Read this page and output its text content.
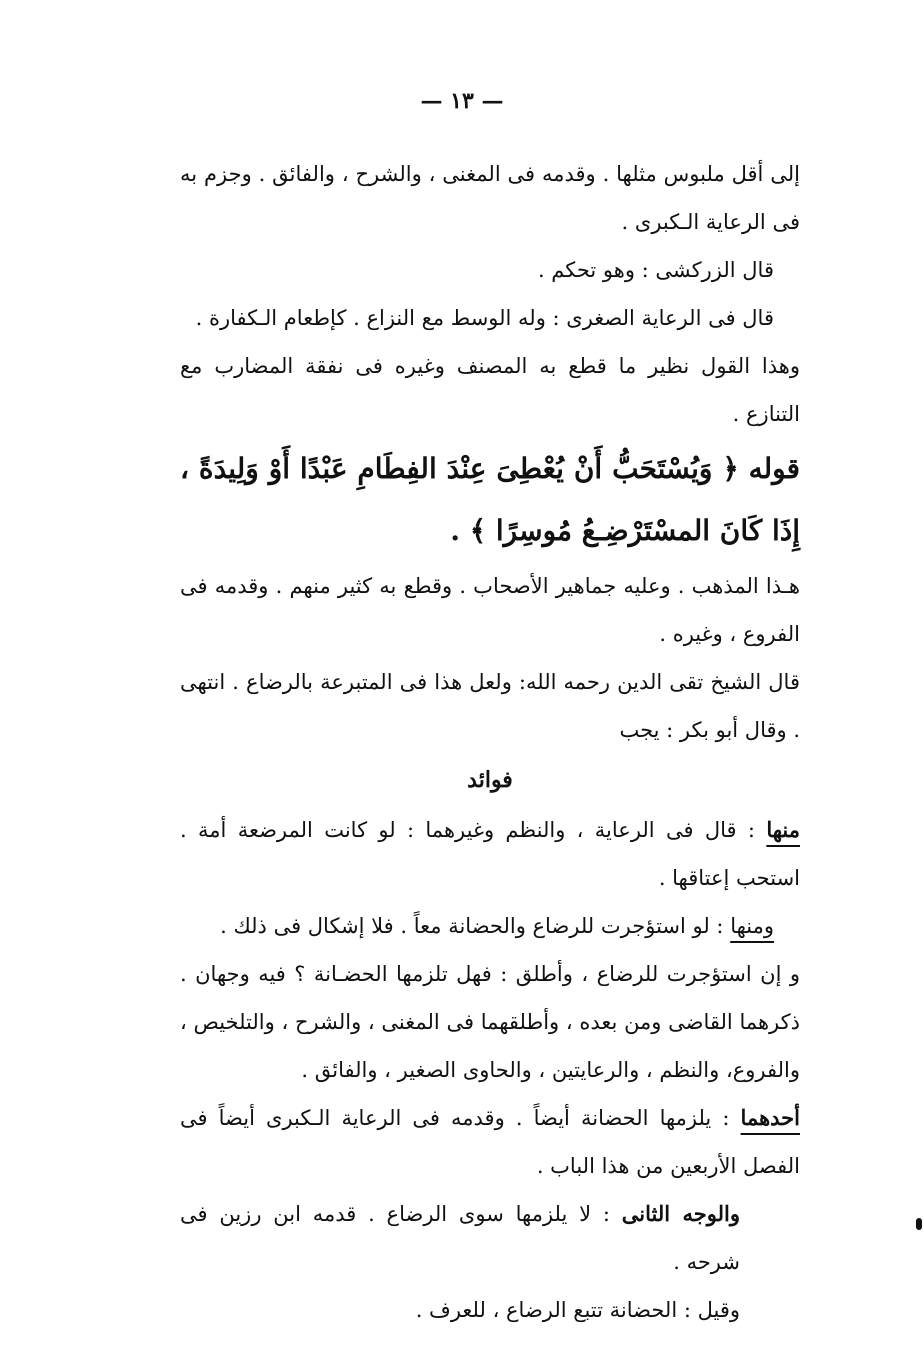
— ١٣ —

إلى أقل ملبوس مثلها . وقدمه فى المغنى ، والشرح ، والفائق . وجزم به فى الرعاية الـكبرى .

قال الزركشى : وهو تحكم .

قال فى الرعاية الصغرى : وله الوسط مع النزاع . كإطعام الـكفارة .

وهذا القول نظير ما قطع به المصنف وغيره فى نفقة المضارب مع التنازع .

قوله ﴿ وَيُسْتَحَبُّ أَنْ يُعْطِىَ عِنْدَ الفِطَامِ عَبْدًا أَوْ وَلِيدَةً ، إِذَا كَانَ المسْتَرْضِـعُ مُوسِرًا ﴾ .

هـذا المذهب . وعليه جماهير الأصحاب . وقطع به كثير منهم . وقدمه فى الفروع ، وغيره .

قال الشيخ تقى الدين رحمه الله: ولعل هذا فى المتبرعة بالرضاع . انتهى . وقال أبو بكر : يجب

فوائد

منها : قال فى الرعاية ، والنظم وغيرهما : لو كانت المرضعة أمة . استحب إعتاقها .

ومنها : لو استؤجرت للرضاع والحضانة معاً . فلا إشكال فى ذلك .

و إن استؤجرت للرضاع ، وأطلق : فهل تلزمها الحضـانة ؟ فيه وجهان . ذكرهما القاضى ومن بعده ، وأطلقهما فى المغنى ، والشرح ، والتلخيص ، والفروع، والنظم ، والرعايتين ، والحاوى الصغير ، والفائق .

أحدهما : يلزمها الحضانة أيضاً . وقدمه فى الرعاية الـكبرى أيضاً فى الفصل الأربعين من هذا الباب .

والوجه الثانى : لا يلزمها سوى الرضاع . قدمه ابن رزين فى شرحه .

وقيل : الحضانة تتبع الرضاع ، للعرف .
